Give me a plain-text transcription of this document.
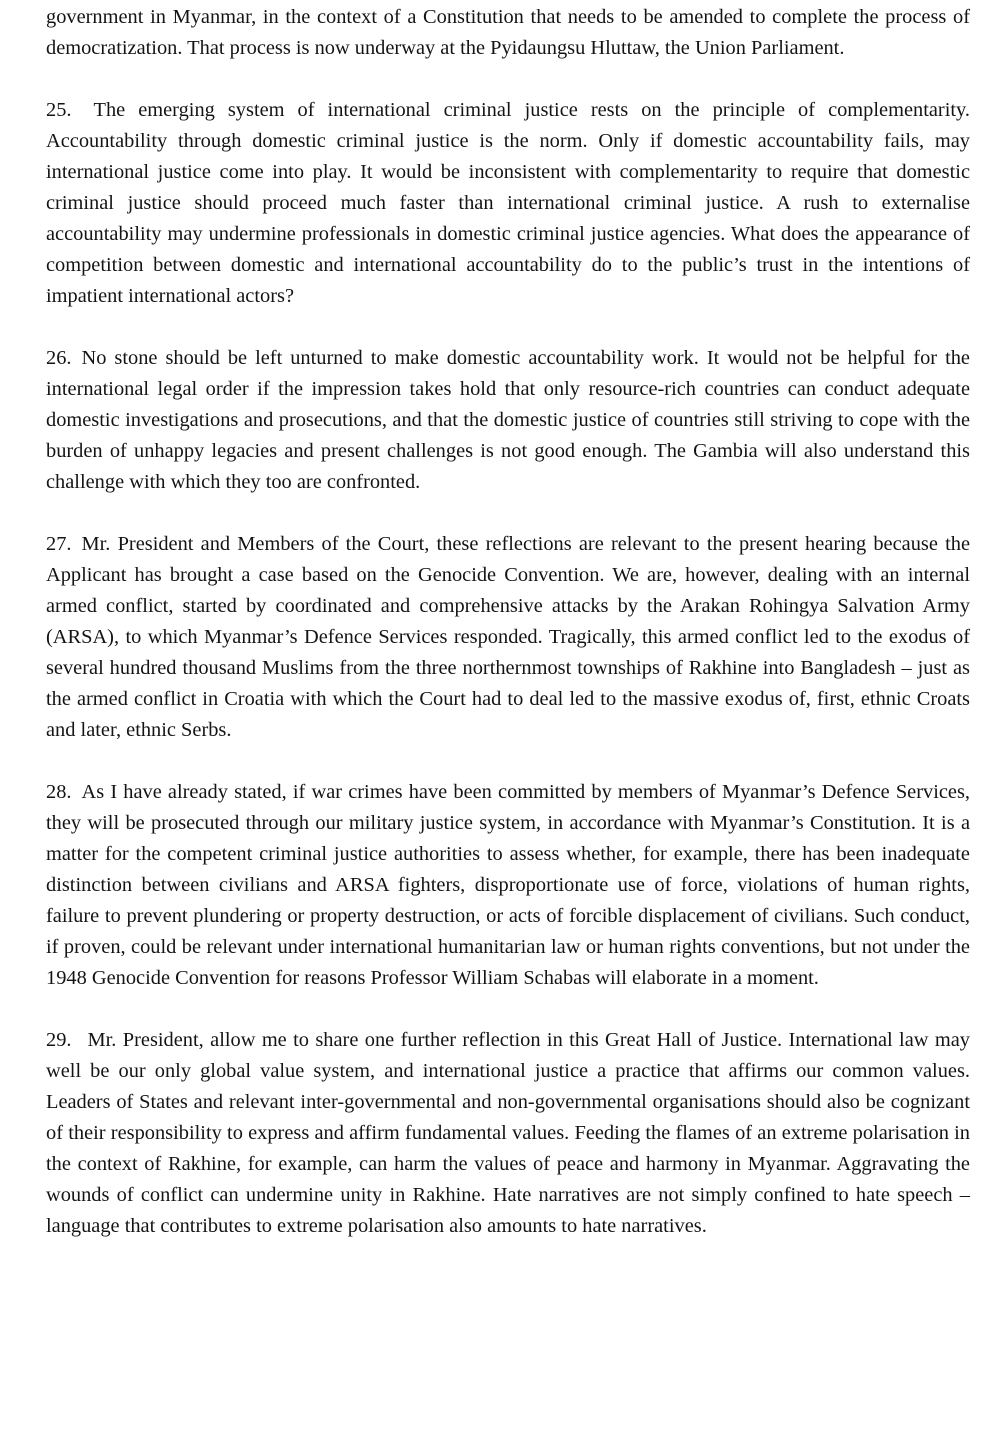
government in Myanmar, in the context of a Constitution that needs to be amended to complete the process of democratization. That process is now underway at the Pyidaungsu Hluttaw, the Union Parliament.

25. The emerging system of international criminal justice rests on the principle of complementarity. Accountability through domestic criminal justice is the norm. Only if domestic accountability fails, may international justice come into play. It would be inconsistent with complementarity to require that domestic criminal justice should proceed much faster than international criminal justice. A rush to externalise accountability may undermine professionals in domestic criminal justice agencies. What does the appearance of competition between domestic and international accountability do to the public’s trust in the intentions of impatient international actors?

26. No stone should be left unturned to make domestic accountability work. It would not be helpful for the international legal order if the impression takes hold that only resource-rich countries can conduct adequate domestic investigations and prosecutions, and that the domestic justice of countries still striving to cope with the burden of unhappy legacies and present challenges is not good enough. The Gambia will also understand this challenge with which they too are confronted.

27. Mr. President and Members of the Court, these reflections are relevant to the present hearing because the Applicant has brought a case based on the Genocide Convention. We are, however, dealing with an internal armed conflict, started by coordinated and comprehensive attacks by the Arakan Rohingya Salvation Army (ARSA), to which Myanmar’s Defence Services responded. Tragically, this armed conflict led to the exodus of several hundred thousand Muslims from the three northernmost townships of Rakhine into Bangladesh – just as the armed conflict in Croatia with which the Court had to deal led to the massive exodus of, first, ethnic Croats and later, ethnic Serbs.

28. As I have already stated, if war crimes have been committed by members of Myanmar’s Defence Services, they will be prosecuted through our military justice system, in accordance with Myanmar’s Constitution. It is a matter for the competent criminal justice authorities to assess whether, for example, there has been inadequate distinction between civilians and ARSA fighters, disproportionate use of force, violations of human rights, failure to prevent plundering or property destruction, or acts of forcible displacement of civilians. Such conduct, if proven, could be relevant under international humanitarian law or human rights conventions, but not under the 1948 Genocide Convention for reasons Professor William Schabas will elaborate in a moment.

29. Mr. President, allow me to share one further reflection in this Great Hall of Justice. International law may well be our only global value system, and international justice a practice that affirms our common values. Leaders of States and relevant inter-governmental and non-governmental organisations should also be cognizant of their responsibility to express and affirm fundamental values. Feeding the flames of an extreme polarisation in the context of Rakhine, for example, can harm the values of peace and harmony in Myanmar. Aggravating the wounds of conflict can undermine unity in Rakhine. Hate narratives are not simply confined to hate speech – language that contributes to extreme polarisation also amounts to hate narratives.
